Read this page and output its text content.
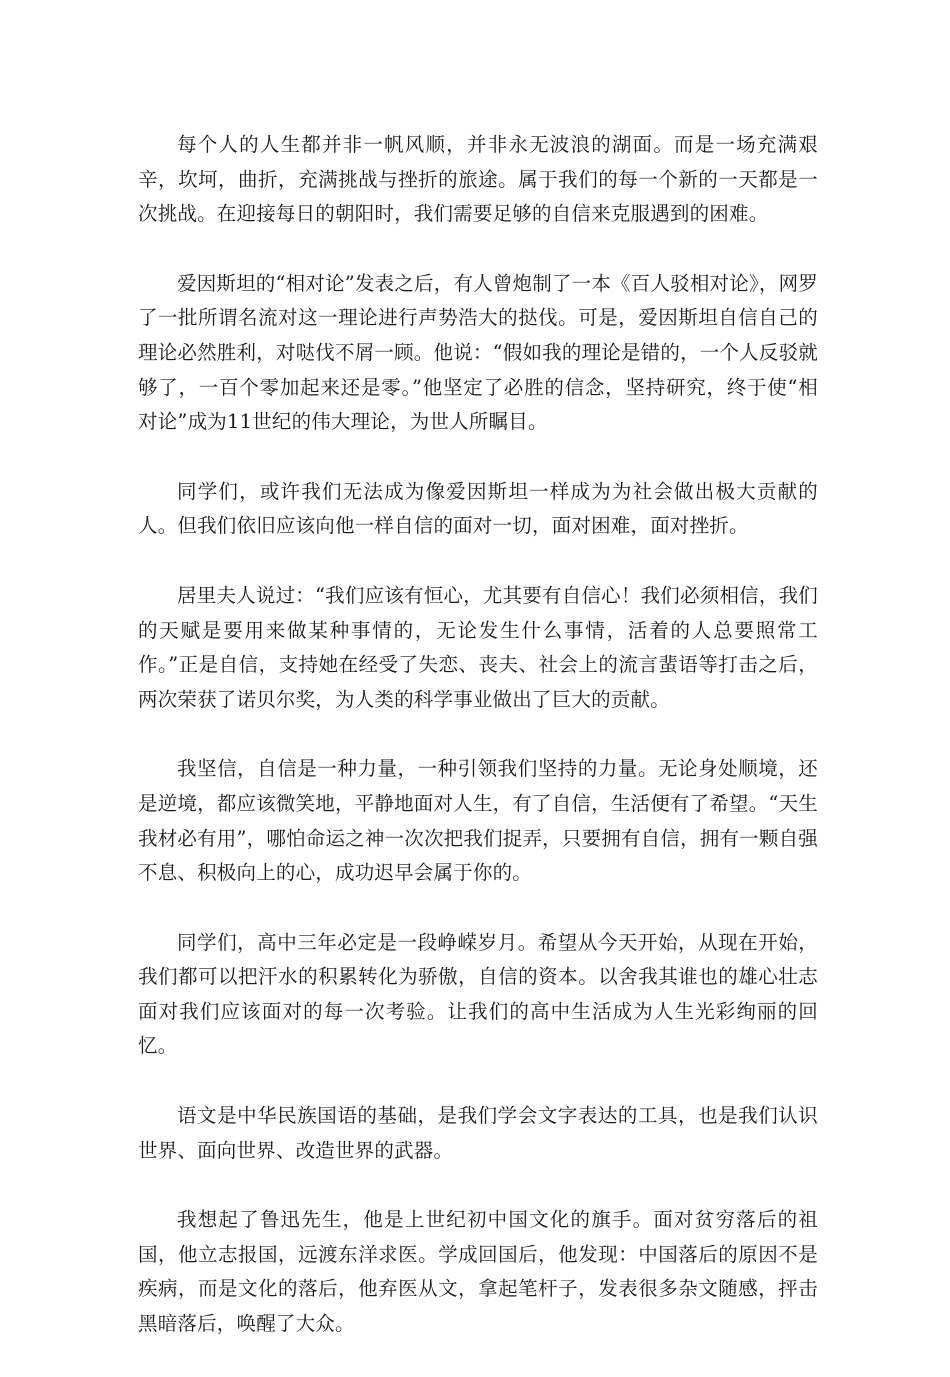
每个人的人生都并非一帆风顺，并非永无波浪的湖面。而是一场充满艰辛，坎坷，曲折，充满挑战与挫折的旅途。属于我们的每一个新的一天都是一次挑战。在迎接每日的朝阳时，我们需要足够的自信来克服遇到的困难。

爱因斯坦的“相对论”发表之后，有人曾炮制了一本《百人驳相对论》，网罗了一批所谓名流对这一理论进行声势浩大的挞伐。可是，爱因斯坦自信自己的理论必然胜利，对哒伐不屑一顾。他说：“假如我的理论是错的，一个人反驳就够了，一百个零加起来还是零。”他坚定了必胜的信念，坚持研究，终于使“相对论”成为11世纪的伟大理论，为世人所瞩目。

同学们，或许我们无法成为像爱因斯坦一样成为为社会做出极大贡献的人。但我们依旧应该向他一样自信的面对一切，面对困难，面对挫折。

居里夫人说过：“我们应该有恒心，尤其要有自信心！我们必须相信，我们的天赋是要用来做某种事情的，无论发生什么事情，活着的人总要照常工作。”正是自信，支持她在经受了失恋、丧夫、社会上的流言蜚语等打击之后，两次荣获了诺贝尔奖，为人类的科学事业做出了巨大的贡献。

我坚信，自信是一种力量，一种引领我们坚持的力量。无论身处顺境，还是逆境，都应该微笑地，平静地面对人生，有了自信，生活便有了希望。“天生我材必有用”，哪怕命运之神一次次把我们捉弄，只要拥有自信，拥有一颗自强不息、积极向上的心，成功迟早会属于你的。

同学们，高中三年必定是一段峥嵘岁月。希望从今天开始，从现在开始，我们都可以把汗水的积累转化为骄傲，自信的资本。以舍我其谁也的雄心壮志面对我们应该面对的每一次考验。让我们的高中生活成为人生光彩绚丽的回忆。

语文是中华民族国语的基础，是我们学会文字表达的工具，也是我们认识世界、面向世界、改造世界的武器。

我想起了鲁迅先生，他是上世纪初中国文化的旗手。面对贫穷落后的祖国，他立志报国，远渡东洋求医。学成回国后，他发现：中国落后的原因不是疾病，而是文化的落后，他弃医从文，拿起笔杆子，发表很多杂文随感，抨击黑暗落后，唤醒了大众。
